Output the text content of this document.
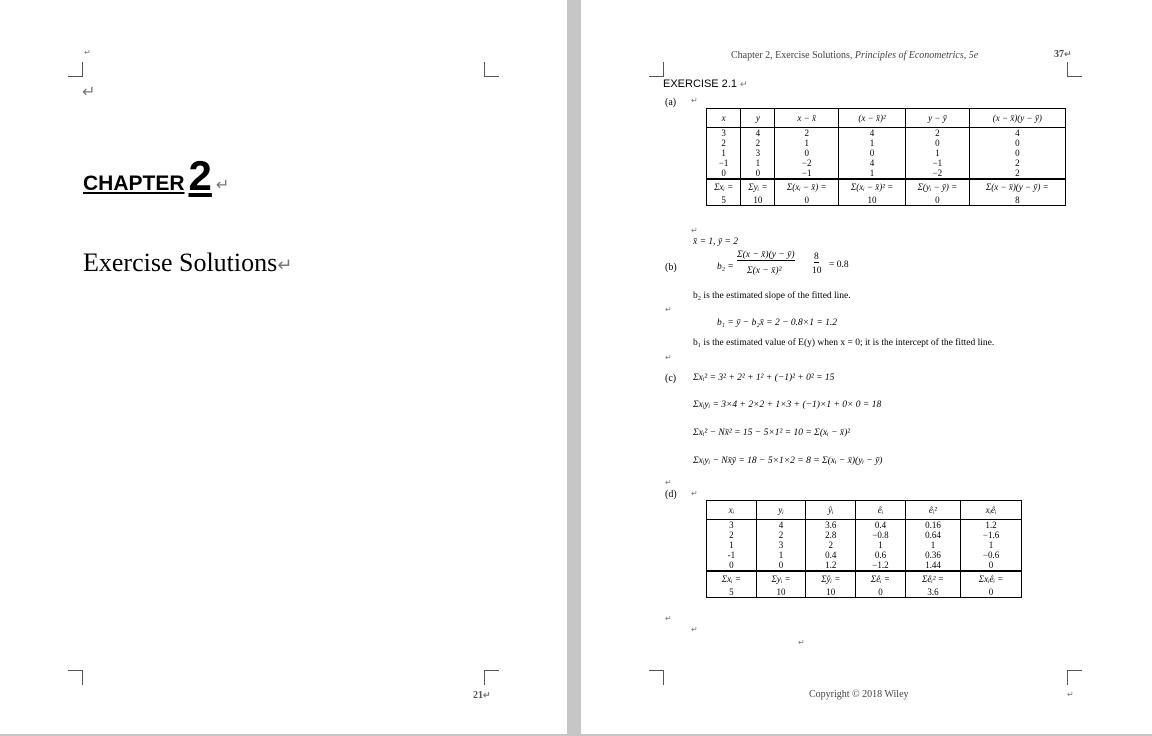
↵
↵
CHAPTER 2 ↵
Exercise Solutions↵
21↵
Chapter 2, Exercise Solutions, Principles of Econometrics, 5e	37↵
EXERCISE 2.1 ↵
(a) ↵
x	y	x − x̄	(x − x̄)²	y − ȳ	(x − x̄)(y − ȳ)
3	4	2	4	2	4
2	2	1	1	0	0
1	3	0	0	1	0
−1	1	−2	4	−1	2
0	0	−1	1	−2	2
Σxᵢ =	Σyᵢ =	Σ(xᵢ − x̄) =	Σ(xᵢ − x̄)² =	Σ(yᵢ − ȳ) =	Σ(x − x̄)(y − ȳ) =
5	10	0	10	0	8
↵
x̄ = 1, ȳ = 2
(b)	b₂ =
Σ(x − x̄)(y − ȳ)
Σ(x − x̄)²
8
10
= 0.8
b₂ is the estimated slope of the fitted line.
↵
b₁ = ȳ − b₂x̄ = 2 − 0.8×1 = 1.2
b₁ is the estimated value of E(y) when x = 0; it is the intercept of the fitted line.
↵
(c) Σxᵢ² = 3² + 2² + 1² + (−1)² + 0² = 15
Σxᵢyᵢ = 3×4 + 2×2 + 1×3 + (−1)×1 + 0× 0 = 18
Σxᵢ² − Nx̄² = 15 − 5×1² = 10 = Σ(xᵢ − x̄)²
Σxᵢyᵢ − Nx̄ȳ = 18 − 5×1×2 = 8 = Σ(xᵢ − x̄)(yᵢ − ȳ)
↵
(d) ↵
xᵢ	yᵢ	ŷᵢ	êᵢ	êᵢ²	xᵢêᵢ
3	4	3.6	0.4	0.16	1.2
2	2	2.8	−0.8	0.64	−1.6
1	3	2	1	1	1
-1	1	0.4	0.6	0.36	−0.6
0	0	1.2	−1.2	1.44	0
Σxᵢ =	Σyᵢ =	Σŷᵢ =	Σêᵢ =	Σêᵢ² =	Σxᵢêᵢ =
5	10	10	0	3.6	0
↵
↵
↵
Copyright © 2018 Wiley	↵
